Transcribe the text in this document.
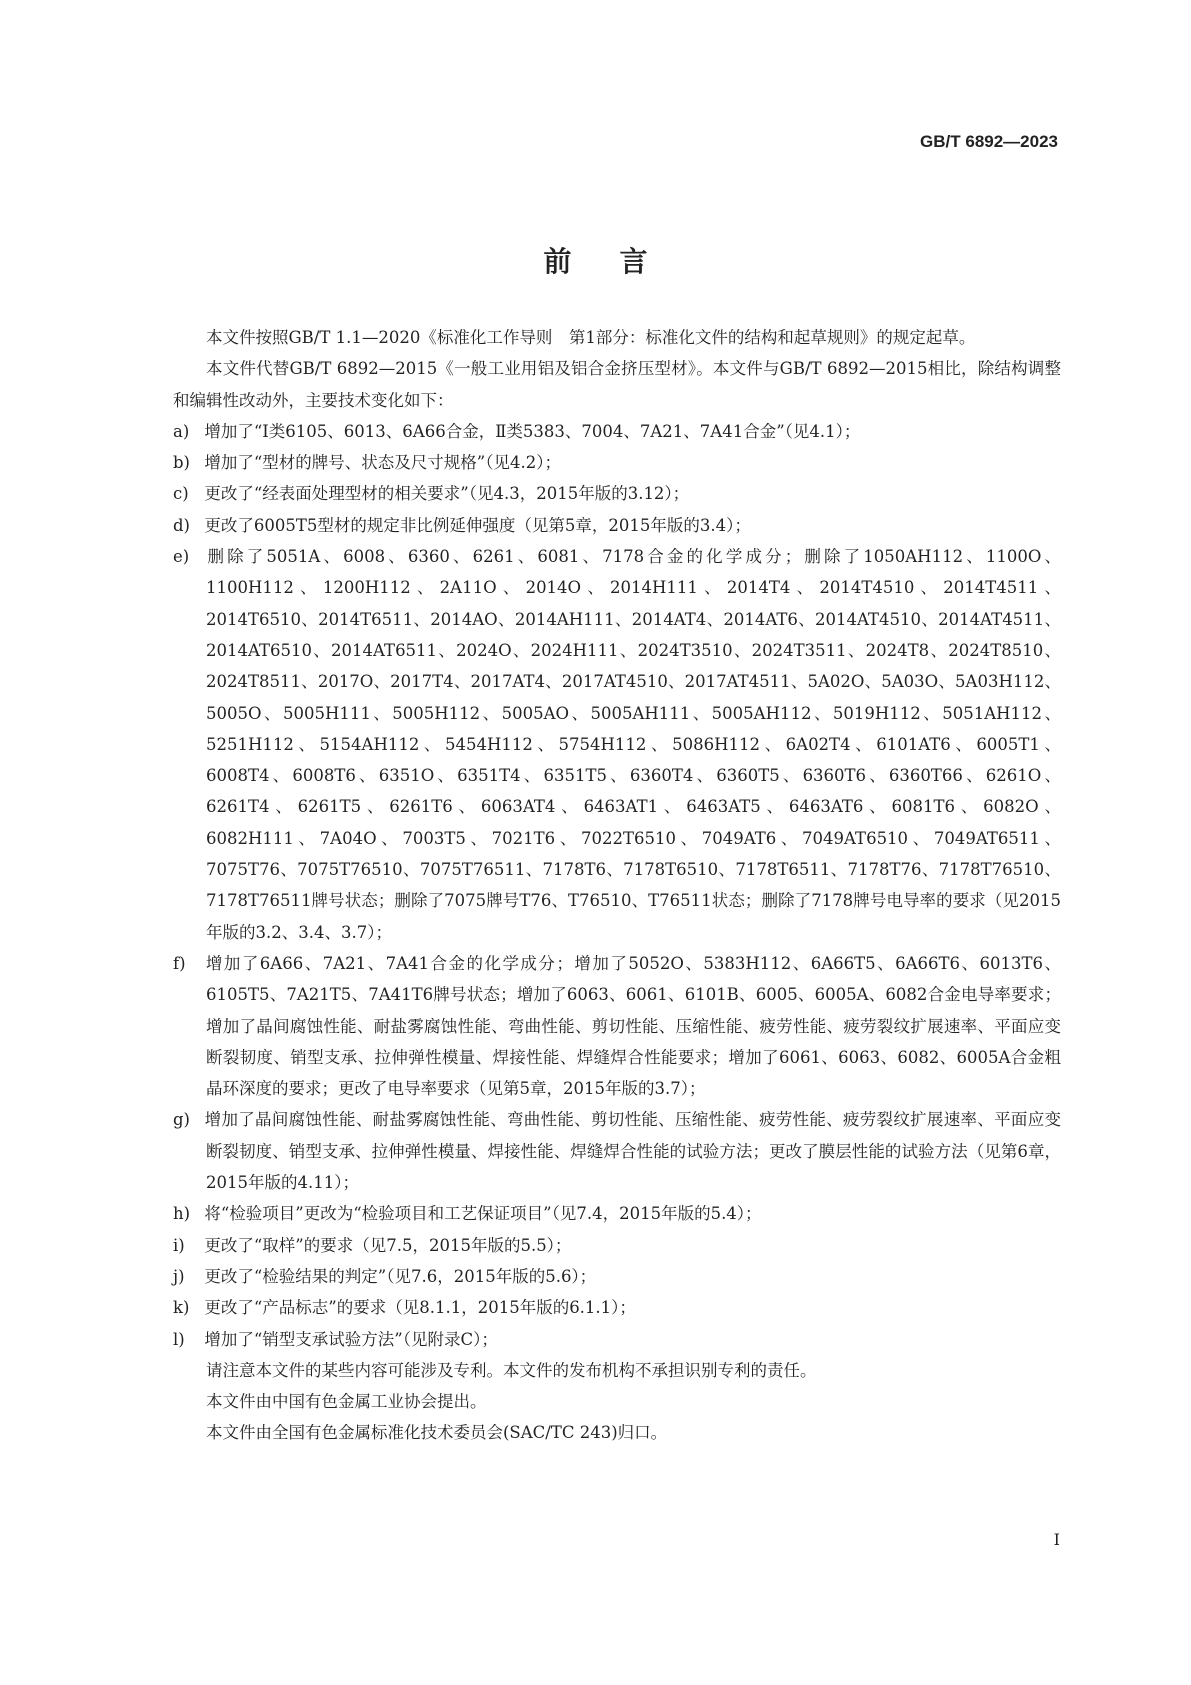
GB/T 6892—2023
前言

本文件按照GB/T 1.1—2020《标准化工作导则　第1部分：标准化文件的结构和起草规则》的规定起草。

本文件代替GB/T 6892—2015《一般工业用铝及铝合金挤压型材》。本文件与GB/T 6892—2015相比，除结构调整和编辑性改动外，主要技术变化如下：

a) 增加了“Ⅰ类6105、6013、6A66合金，Ⅱ类5383、7004、7A21、7A41合金”（见4.1）；
b) 增加了“型材的牌号、状态及尺寸规格”（见4.2）；
c) 更改了“经表面处理型材的相关要求”（见4.3，2015年版的3.12）；
d) 更改了6005T5型材的规定非比例延伸强度（见第5章，2015年版的3.4）；
e) 删除了5051A、6008、6360、6261、6081、7178合金的化学成分；删除了1050AH112、1100O、1100H112、1200H112、2A11O、2014O、2014H111、2014T4、2014T4510、2014T4511、2014T6510、2014T6511、2014AO、2014AH111、2014AT4、2014AT6、2014AT4510、2014AT4511、2014AT6510、2014AT6511、2024O、2024H111、2024T3510、2024T3511、2024T8、2024T8510、2024T8511、2017O、2017T4、2017AT4、2017AT4510、2017AT4511、5A02O、5A03O、5A03H112、5005O、5005H111、5005H112、5005AO、5005AH111、5005AH112、5019H112、5051AH112、5251H112、5154AH112、5454H112、5754H112、5086H112、6A02T4、6101AT6、6005T1、6008T4、6008T6、6351O、6351T4、6351T5、6360T4、6360T5、6360T6、6360T66、6261O、6261T4、6261T5、6261T6、6063AT4、6463AT1、6463AT5、6463AT6、6081T6、6082O、6082H111、7A04O、7003T5、7021T6、7022T6510、7049AT6、7049AT6510、7049AT6511、7075T76、7075T76510、7075T76511、7178T6、7178T6510、7178T6511、7178T76、7178T76510、7178T76511牌号状态；删除了7075牌号T76、T76510、T76511状态；删除了7178牌号电导率的要求（见2015年版的3.2、3.4、3.7）；
f) 增加了6A66、7A21、7A41合金的化学成分；增加了5052O、5383H112、6A66T5、6A66T6、6013T6、6105T5、7A21T5、7A41T6牌号状态；增加了6063、6061、6101B、6005、6005A、6082合金电导率要求；增加了晶间腐蚀性能、耐盐雾腐蚀性能、弯曲性能、剪切性能、压缩性能、疲劳性能、疲劳裂纹扩展速率、平面应变断裂韧度、销型支承、拉伸弹性模量、焊接性能、焊缝焊合性能要求；增加了6061、6063、6082、6005A合金粗晶环深度的要求；更改了电导率要求（见第5章，2015年版的3.7）；
g) 增加了晶间腐蚀性能、耐盐雾腐蚀性能、弯曲性能、剪切性能、压缩性能、疲劳性能、疲劳裂纹扩展速率、平面应变断裂韧度、销型支承、拉伸弹性模量、焊接性能、焊缝焊合性能的试验方法；更改了膜层性能的试验方法（见第6章，2015年版的4.11）；
h) 将“检验项目”更改为“检验项目和工艺保证项目”（见7.4，2015年版的5.4）；
i) 更改了“取样”的要求（见7.5，2015年版的5.5）；
j) 更改了“检验结果的判定”（见7.6，2015年版的5.6）；
k) 更改了“产品标志”的要求（见8.1.1，2015年版的6.1.1）；
l) 增加了“销型支承试验方法”（见附录C）；

请注意本文件的某些内容可能涉及专利。本文件的发布机构不承担识别专利的责任。

本文件由中国有色金属工业协会提出。

本文件由全国有色金属标准化技术委员会(SAC/TC 243)归口。

Ⅰ
